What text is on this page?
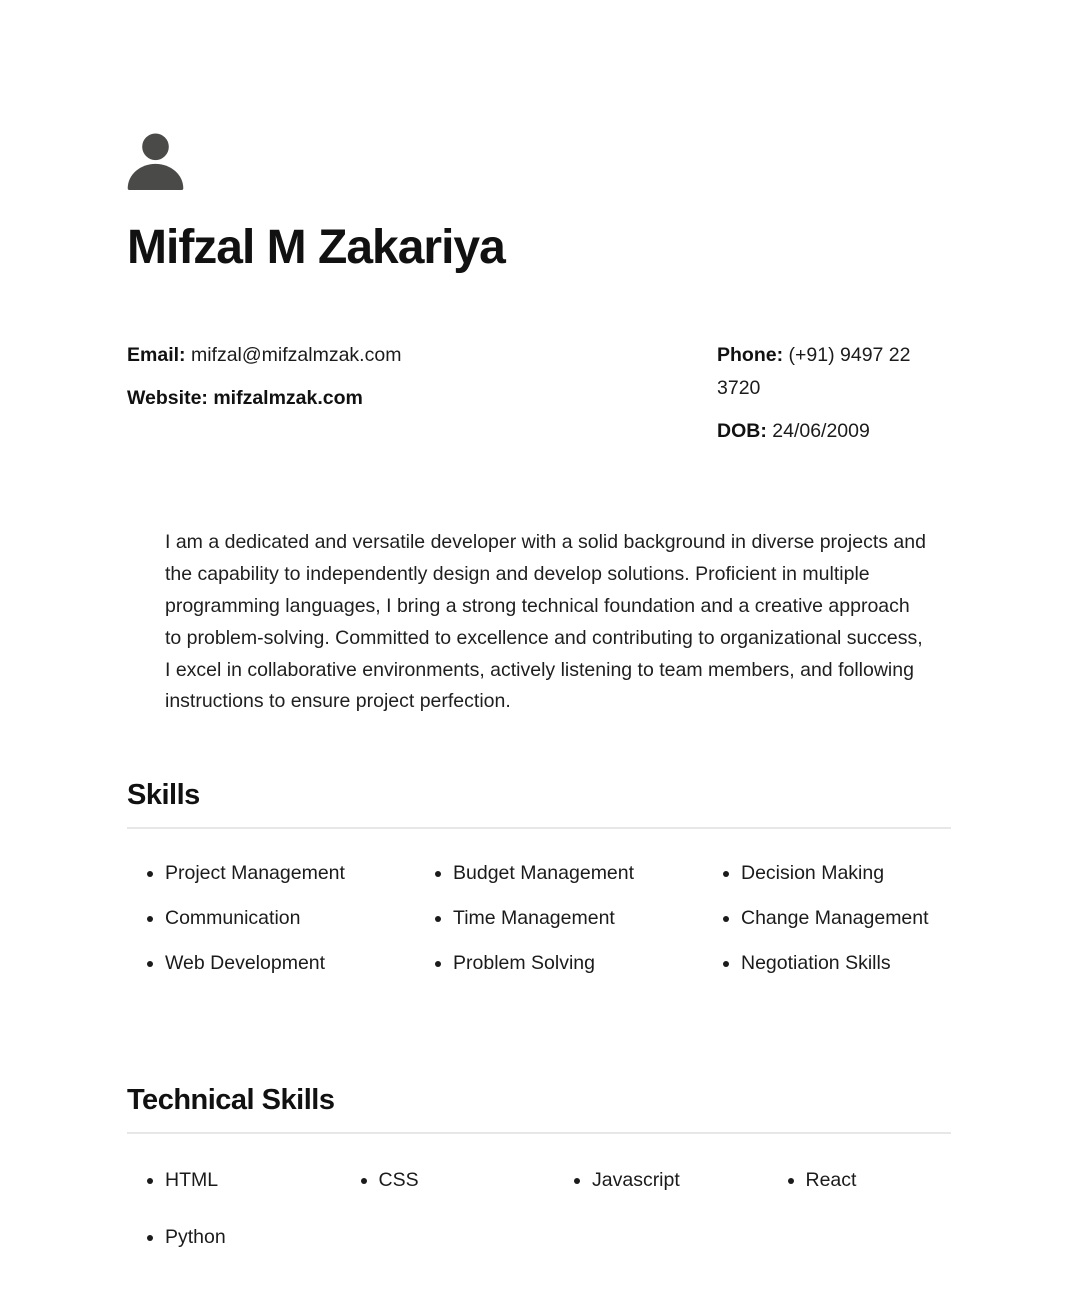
Mifzal M Zakariya

Email: mifzal@mifzalmzak.com

Website: mifzalmzak.com

Phone: (+91) 9497 22 3720

DOB: 24/06/2009

I am a dedicated and versatile developer with a solid background in diverse projects and the capability to independently design and develop solutions. Proficient in multiple programming languages, I bring a strong technical foundation and a creative approach to problem-solving. Committed to excellence and contributing to organizational success, I excel in collaborative environments, actively listening to team members, and following instructions to ensure project perfection.

Skills
• Project Management
• Communication
• Web Development
• Budget Management
• Time Management
• Problem Solving
• Decision Making
• Change Management
• Negotiation Skills
Technical Skills
• HTML
• Python
• CSS	• Javascript	• React
